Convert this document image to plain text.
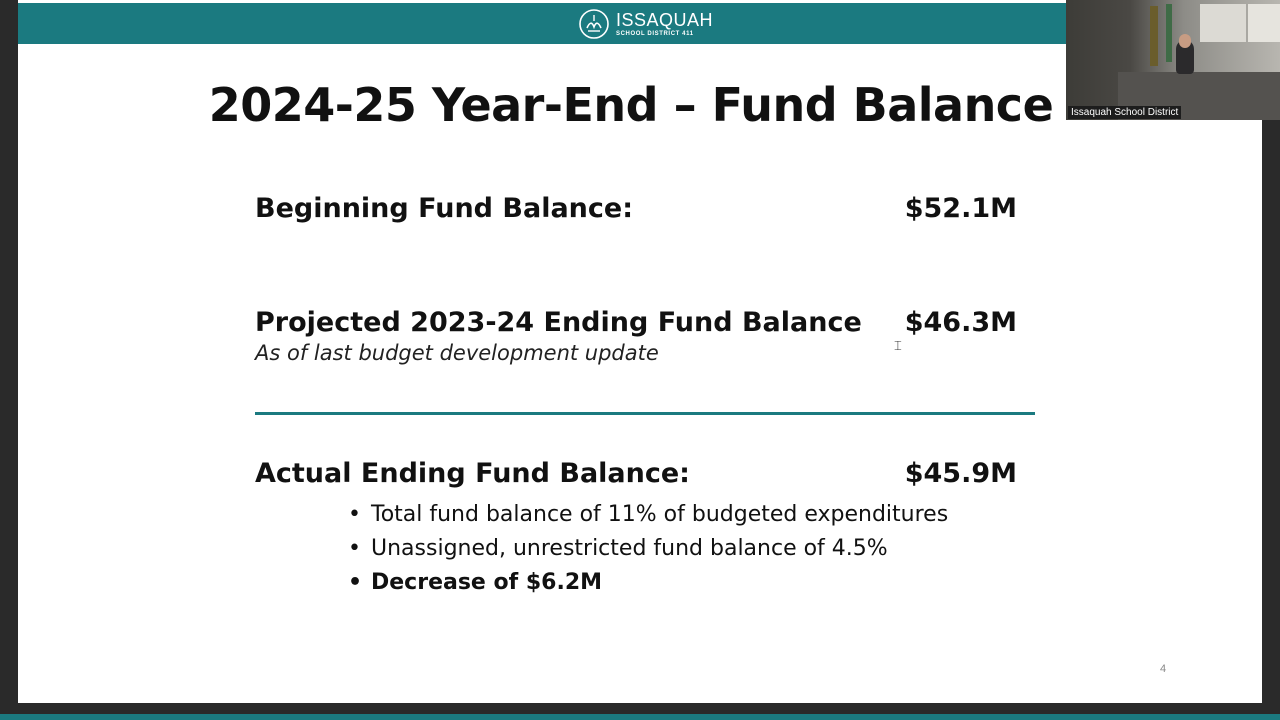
ISSAQUAH
SCHOOL DISTRICT 411
2024-25 Year-End – Fund Balance
Beginning Fund Balance:	$52.1M
Projected 2023-24 Ending Fund Balance $46.3M
As of last budget development update	⌶
Actual Ending Fund Balance:	$45.9M
• Total fund balance of 11% of budgeted expenditures
• Unassigned, unrestricted fund balance of 4.5%
• Decrease of $6.2M
4
Issaquah School District
